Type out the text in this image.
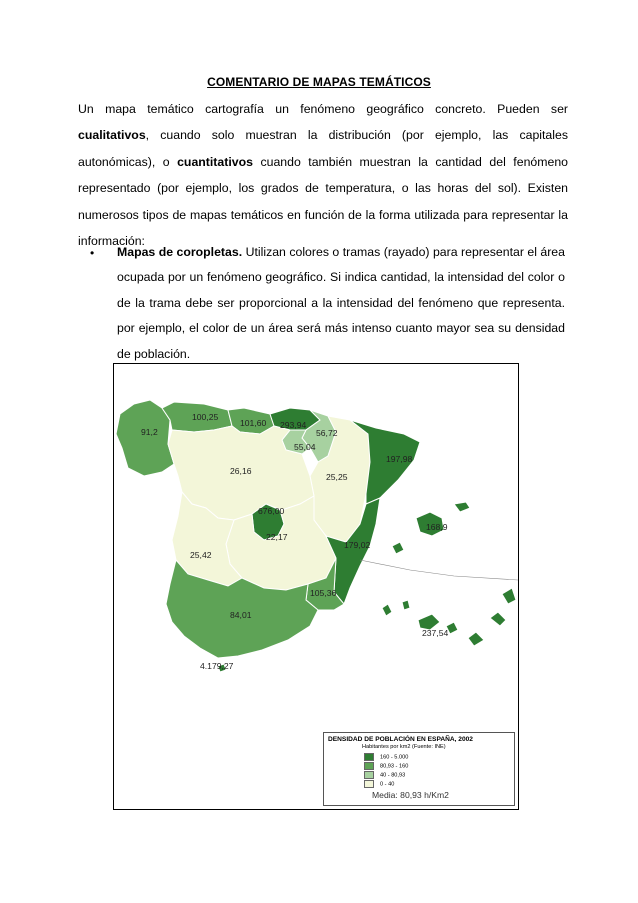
COMENTARIO DE MAPAS TEMÁTICOS

Un mapa temático cartografía un fenómeno geográfico concreto. Pueden ser cualitativos, cuando solo muestran la distribución (por ejemplo, las capitales autonómicas), o cuantitativos cuando también muestran la cantidad del fenómeno representado (por ejemplo, los grados de temperatura, o las horas del sol). Existen numerosos tipos de mapas temáticos en función de la forma utilizada para representar la información:

•	Mapas de coropletas. Utilizan colores o tramas (rayado) para representar el área ocupada por un fenómeno geográfico. Si indica cantidad, la intensidad del color o de la trama debe ser proporcional a la intensidad del fenómeno que representa. por ejemplo, el color de un área será más intenso cuanto mayor sea su densidad de población.

91,2
100,25
101,60 293,94
56,72
55,04
25,25
197,98
26,16
676,00
22,17
179,02
168,9
25,42
105,36
84,01
237,54
4.179,27
DENSIDAD DE POBLACIÓN EN ESPAÑA, 2002
Habitantes por km2 (Fuente: INE)
160 - 5.000
80,93 - 160
40 - 80,93
0 - 40
Media: 80,93 h/Km2
